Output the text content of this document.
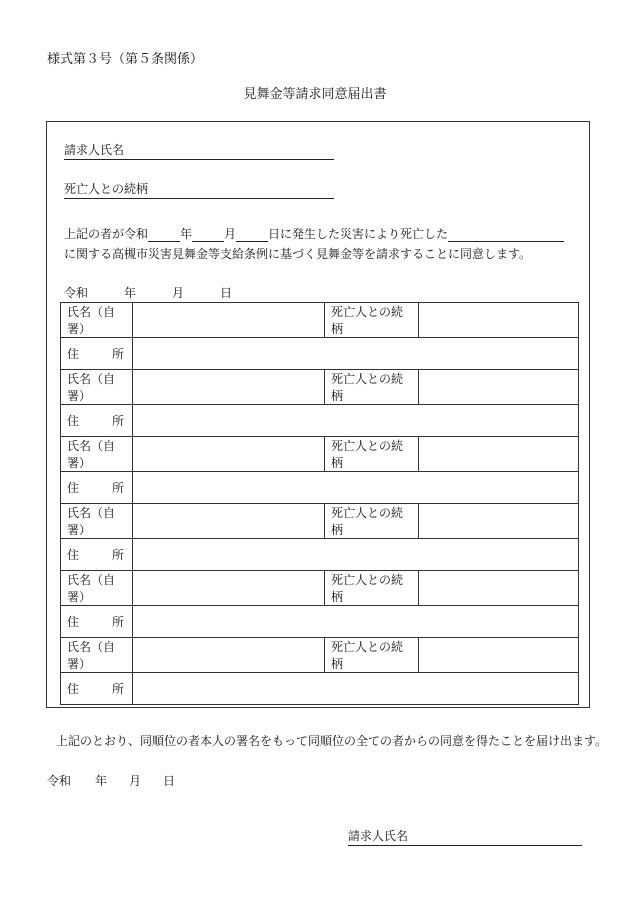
様式第３号（第５条関係）
見舞金等請求同意届出書
請求人氏名
死亡人との続柄
上記の者が令和	年	月	日に発生した災害により死亡した
に関する高槻市災害見舞金等支給条例に基づく見舞金等を請求することに同意します。
令和	年	月	日
氏名（自署）		死亡人との続柄	

住 所			

氏名（自署）		死亡人との続柄	

住 所			

氏名（自署）		死亡人との続柄	

住 所			

氏名（自署）		死亡人との続柄	

住 所			

氏名（自署）		死亡人との続柄	

住 所			

氏名（自署）		死亡人との続柄	

住 所			

上記のとおり、同順位の者本人の署名をもって同順位の全ての者からの同意を得たことを届け出ます。
令和 年 月 日
請求人氏名
